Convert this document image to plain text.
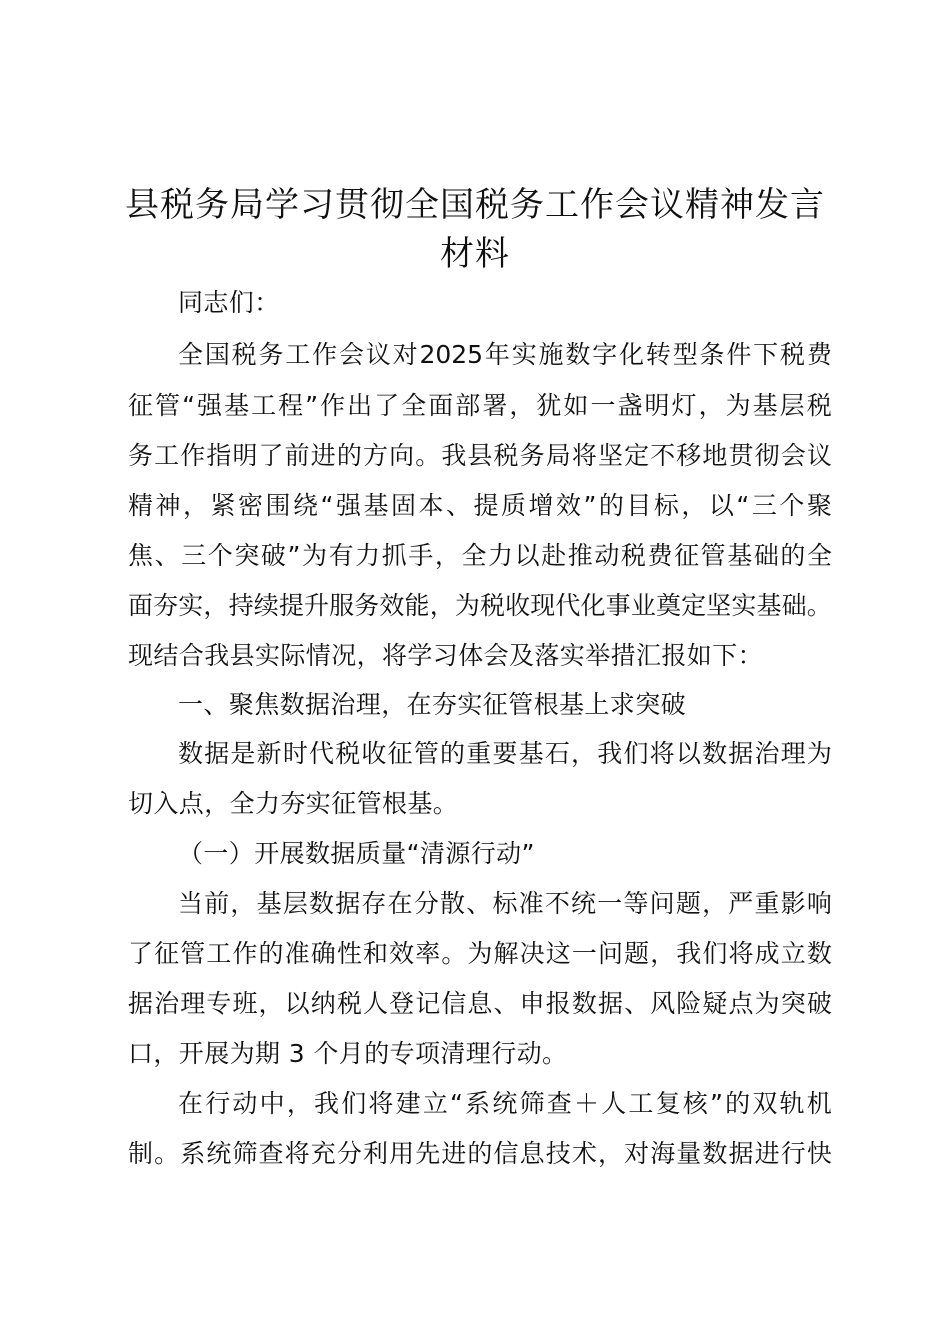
县税务局学习贯彻全国税务工作会议精神发言
材料
同志们：
全 国 税 务 工 作 会 议 对 2025 年 实 施 数 字 化 转 型 条 件 下 税 费
征 管 “ 强 基 工 程 ” 作 出 了 全 面 部 署 ， 犹 如 一 盏 明 灯 ， 为 基 层 税
务 工 作 指 明 了 前 进 的 方 向 。 我 县 税 务 局 将 坚 定 不 移 地 贯 彻 会 议
精 神 ， 紧 密 围 绕 “ 强 基 固 本 、 提 质 增 效 ” 的 目 标 ， 以 “ 三 个 聚
焦 、 三 个 突 破 ” 为 有 力 抓 手 ， 全 力 以 赴 推 动 税 费 征 管 基 础 的 全
面 夯 实 ， 持 续 提 升 服 务 效 能 ， 为 税 收 现 代 化 事 业 奠 定 坚 实 基 础 。
现结合我县实际情况，将学习体会及落实举措汇报如下：
一、聚焦数据治理，在夯实征管根基上求突破
数 据 是 新 时 代 税 收 征 管 的 重 要 基 石 ， 我 们 将 以 数 据 治 理 为
切入点，全力夯实征管根基。
（一）开展数据质量“清源行动”
当 前 ， 基 层 数 据 存 在 分 散 、 标 准 不 统 一 等 问 题 ， 严 重 影 响
了 征 管 工 作 的 准 确 性 和 效 率 。 为 解 决 这 一 问 题 ， 我 们 将 成 立 数
据 治 理 专 班 ， 以 纳 税 人 登 记 信 息 、 申 报 数 据 、 风 险 疑 点 为 突 破
口，开展为期 3 个月的专项清理行动。
在 行 动 中 ， 我 们 将 建 立 “ 系 统 筛 查 ＋ 人 工 复 核 ” 的 双 轨 机
制 。 系 统 筛 查 将 充 分 利 用 先 进 的 信 息 技 术 ， 对 海 量 数 据 进 行 快
